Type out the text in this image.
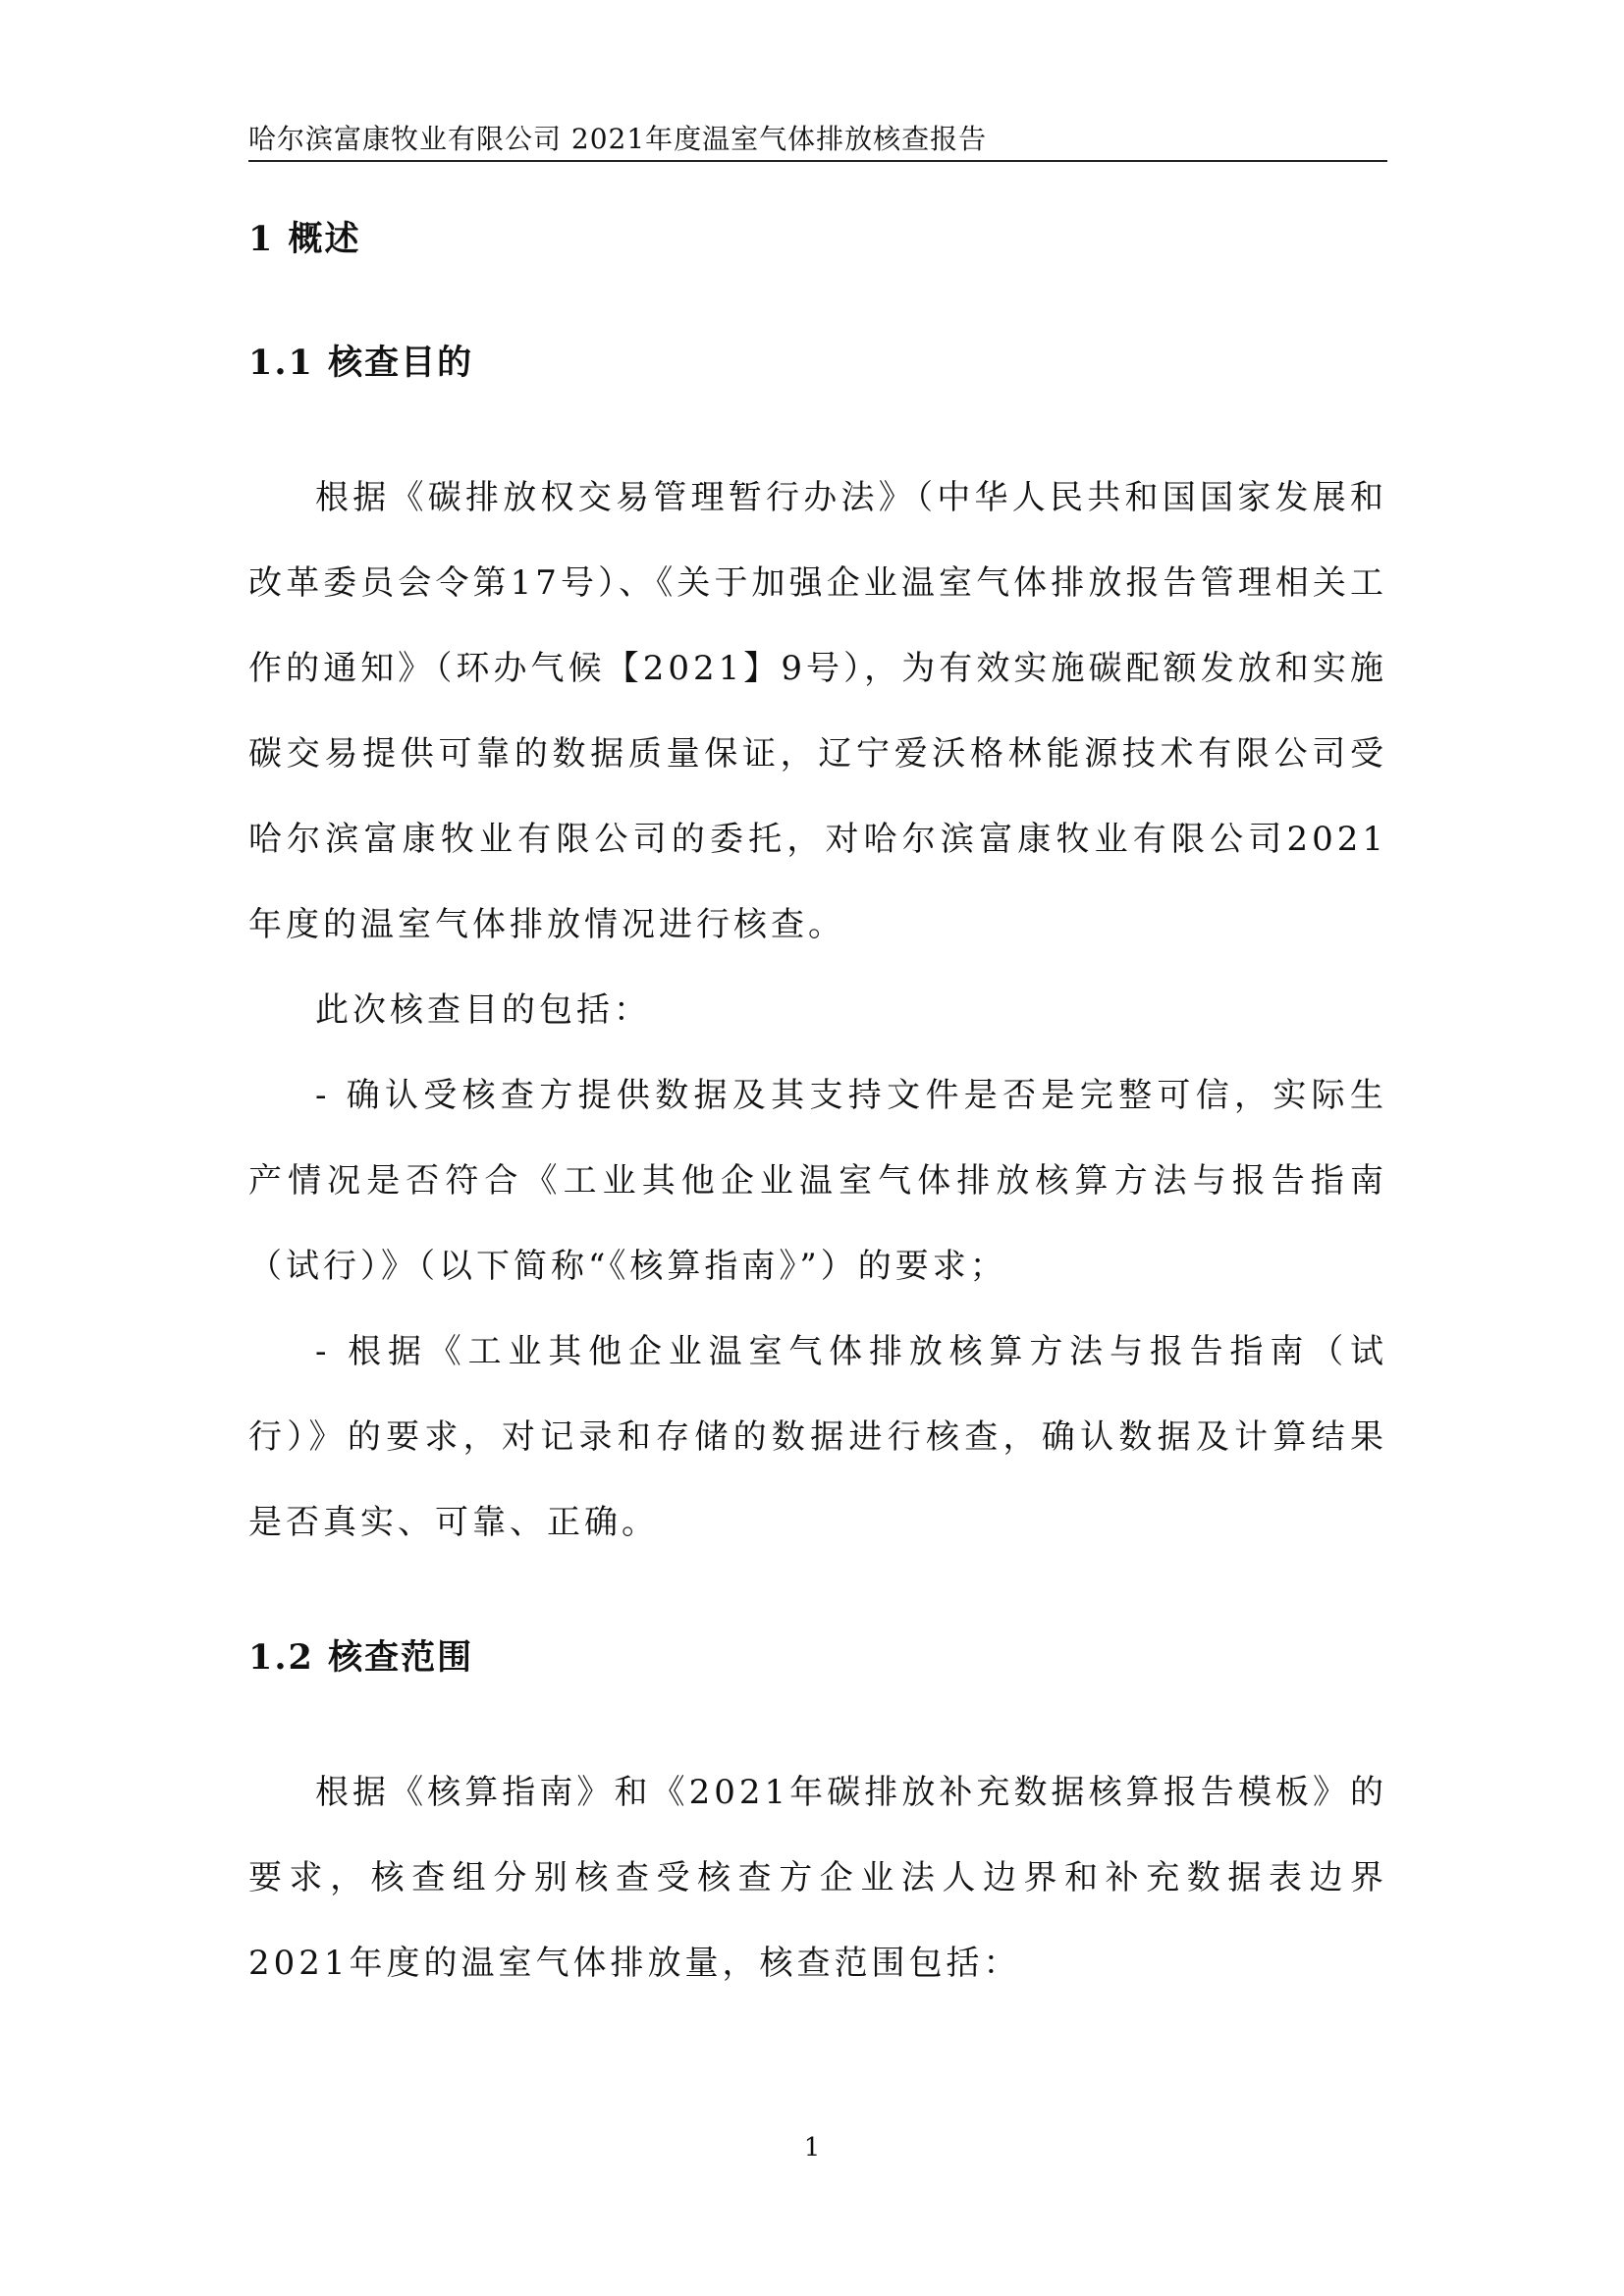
哈尔滨富康牧业有限公司 2021年度温室气体排放核查报告
1 概述
1.1 核查目的

根据《碳排放权交易管理暂行办法》（中华人民共和国国家发展和改革委员会令第17号）、《关于加强企业温室气体排放报告管理相关工作的通知》（环办气候【2021】9号），为有效实施碳配额发放和实施碳交易提供可靠的数据质量保证，辽宁爱沃格林能源技术有限公司受哈尔滨富康牧业有限公司的委托，对哈尔滨富康牧业有限公司2021年度的温室气体排放情况进行核查。

此次核查目的包括：

- 确认受核查方提供数据及其支持文件是否是完整可信，实际生产情况是否符合《工业其他企业温室气体排放核算方法与报告指南（试行）》（以下简称“《核算指南》”）的要求；

- 根据《工业其他企业温室气体排放核算方法与报告指南（试行）》的要求，对记录和存储的数据进行核查，确认数据及计算结果是否真实、可靠、正确。

1.2 核查范围

根据《核算指南》和《2021年碳排放补充数据核算报告模板》的要求，核查组分别核查受核查方企业法人边界和补充数据表边界2021年度的温室气体排放量，核查范围包括：

1
